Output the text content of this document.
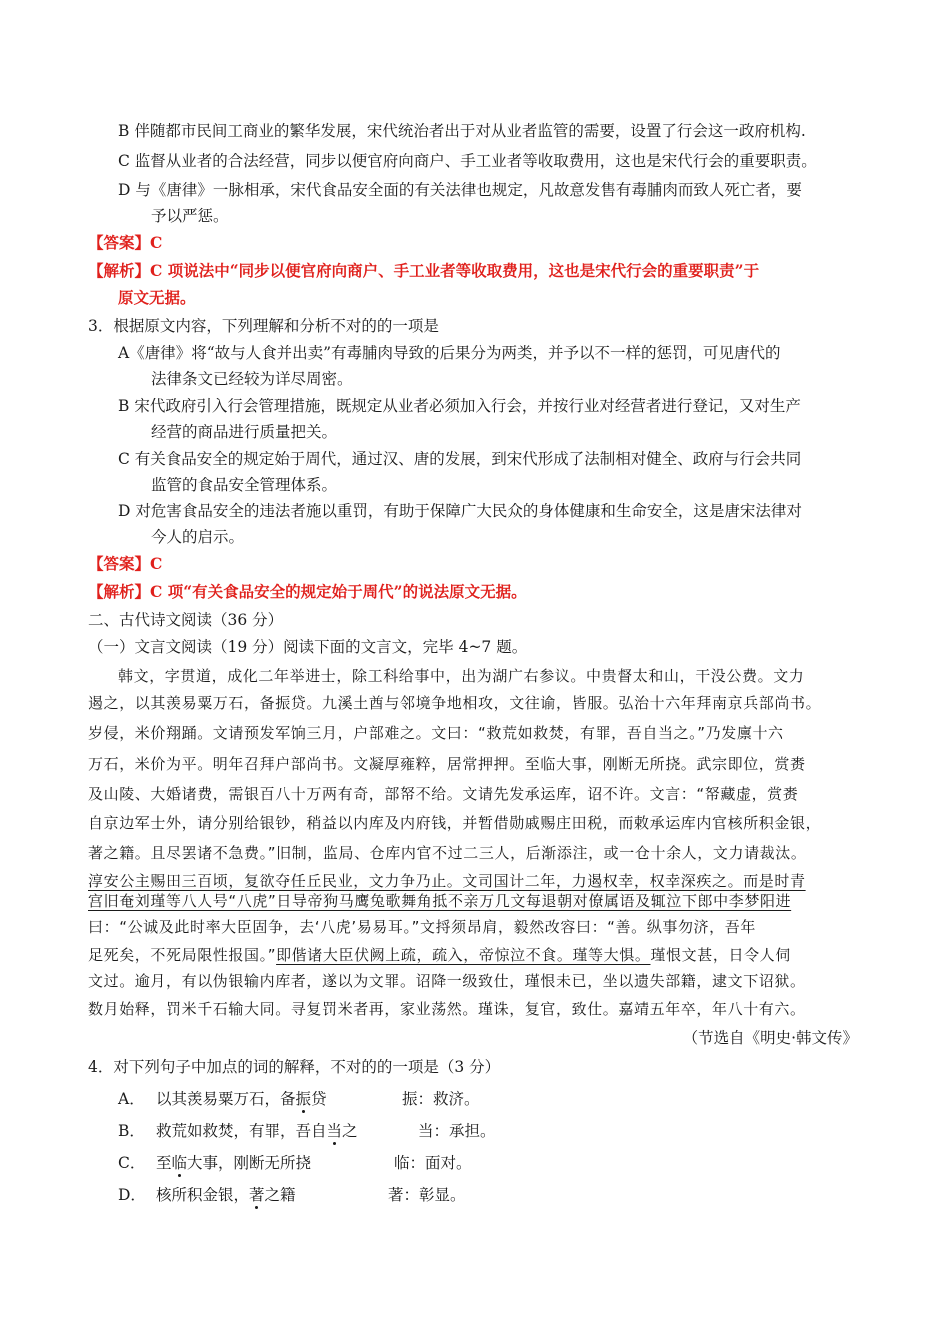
B 伴随都市民间工商业的繁华发展，宋代统治者出于对从业者监管的需要，设置了行会这一政府机构.
C 监督从业者的合法经营，同步以便官府向商户、手工业者等收取费用，这也是宋代行会的重要职责。
D 与《唐律》一脉相承，宋代食品安全面的有关法律也规定，凡故意发售有毒脯肉而致人死亡者，要
予以严惩。
【答案】C
【解析】C 项说法中“同步以便官府向商户、手工业者等收取费用，这也是宋代行会的重要职责”于
原文无据。
3．根据原文内容，下列理解和分析不对的的一项是
A《唐律》将“故与人食并出卖”有毒脯肉导致的后果分为两类，并予以不一样的惩罚，可见唐代的
法律条文已经较为详尽周密。
B 宋代政府引入行会管理措施，既规定从业者必须加入行会，并按行业对经营者进行登记，又对生产
经营的商品进行质量把关。
C 有关食品安全的规定始于周代，通过汉、唐的发展，到宋代形成了法制相对健全、政府与行会共同
监管的食品安全管理体系。
D 对危害食品安全的违法者施以重罚，有助于保障广大民众的身体健康和生命安全，这是唐宋法律对
今人的启示。
【答案】C
【解析】C 项“有关食品安全的规定始于周代”的说法原文无据。
二、古代诗文阅读（36 分）
（一）文言文阅读（19 分）阅读下面的文言文，完毕 4~7 题。
韩文，字贯道，成化二年举进士，除工科给事中，出为湖广右参议。中贵督太和山，干没公费。文力
遏之，以其羡易粟万石，备振贷。九溪土酋与邻境争地相攻，文往谕，皆服。弘治十六年拜南京兵部尚书。
岁侵，米价翔踊。文请预发军饷三月，户部难之。文曰：“救荒如救焚，有罪，吾自当之。”乃发廪十六
万石，米价为平。明年召拜户部尚书。文凝厚雍粹，居常押押。至临大事，刚断无所挠。武宗即位，赏赉
及山陵、大婚诸费，需银百八十万两有奇，部帑不给。文请先发承运库，诏不许。文言：“帑藏虚，赏赉
自京边军士外，请分别给银钞，稍益以内库及内府钱，并暂借勋戚赐庄田税，而敕承运库内官核所积金银，
著之籍。且尽罢诸不急费。”旧制，监局、仓库内官不过二三人，后渐添注，或一仓十余人，文力请裁汰。
淳安公主赐田三百顷，复欲夺任丘民业，文力争乃止。文司国计二年，力遏权幸，权幸深疾之。而是时青
宫旧奄刘瑾等八人号“八虎”日导帝狗马鹰兔歌舞角抵不亲万几文每退朝对僚属语及辄泣下郎中李梦阳进
曰：“公诚及此时率大臣固争，去‘八虎’易易耳。”文捋须昂肩，毅然改容曰：“善。纵事勿济，吾年
足死矣，不死局限性报国。”即偕诸大臣伏阙上疏，疏入，帝惊泣不食。瑾等大惧。瑾恨文甚，日令人伺
文过。逾月，有以伪银输内库者，遂以为文罪。诏降一级致仕，瑾恨未已，坐以遗失部籍，逮文下诏狱。
数月始释，罚米千石输大同。寻复罚米者再，家业荡然。瑾诛，复官，致仕。嘉靖五年卒，年八十有六。
（节选自《明史·韩文传》
4．对下列句子中加点的词的解释，不对的的一项是（3 分）
A． 以其羡易粟万石，备振贷	振：救济。
B． 救荒如救焚，有罪，吾自当之	当：承担。
C． 至临大事，刚断无所挠	临：面对。
D． 核所积金银，著之籍	著：彰显。
